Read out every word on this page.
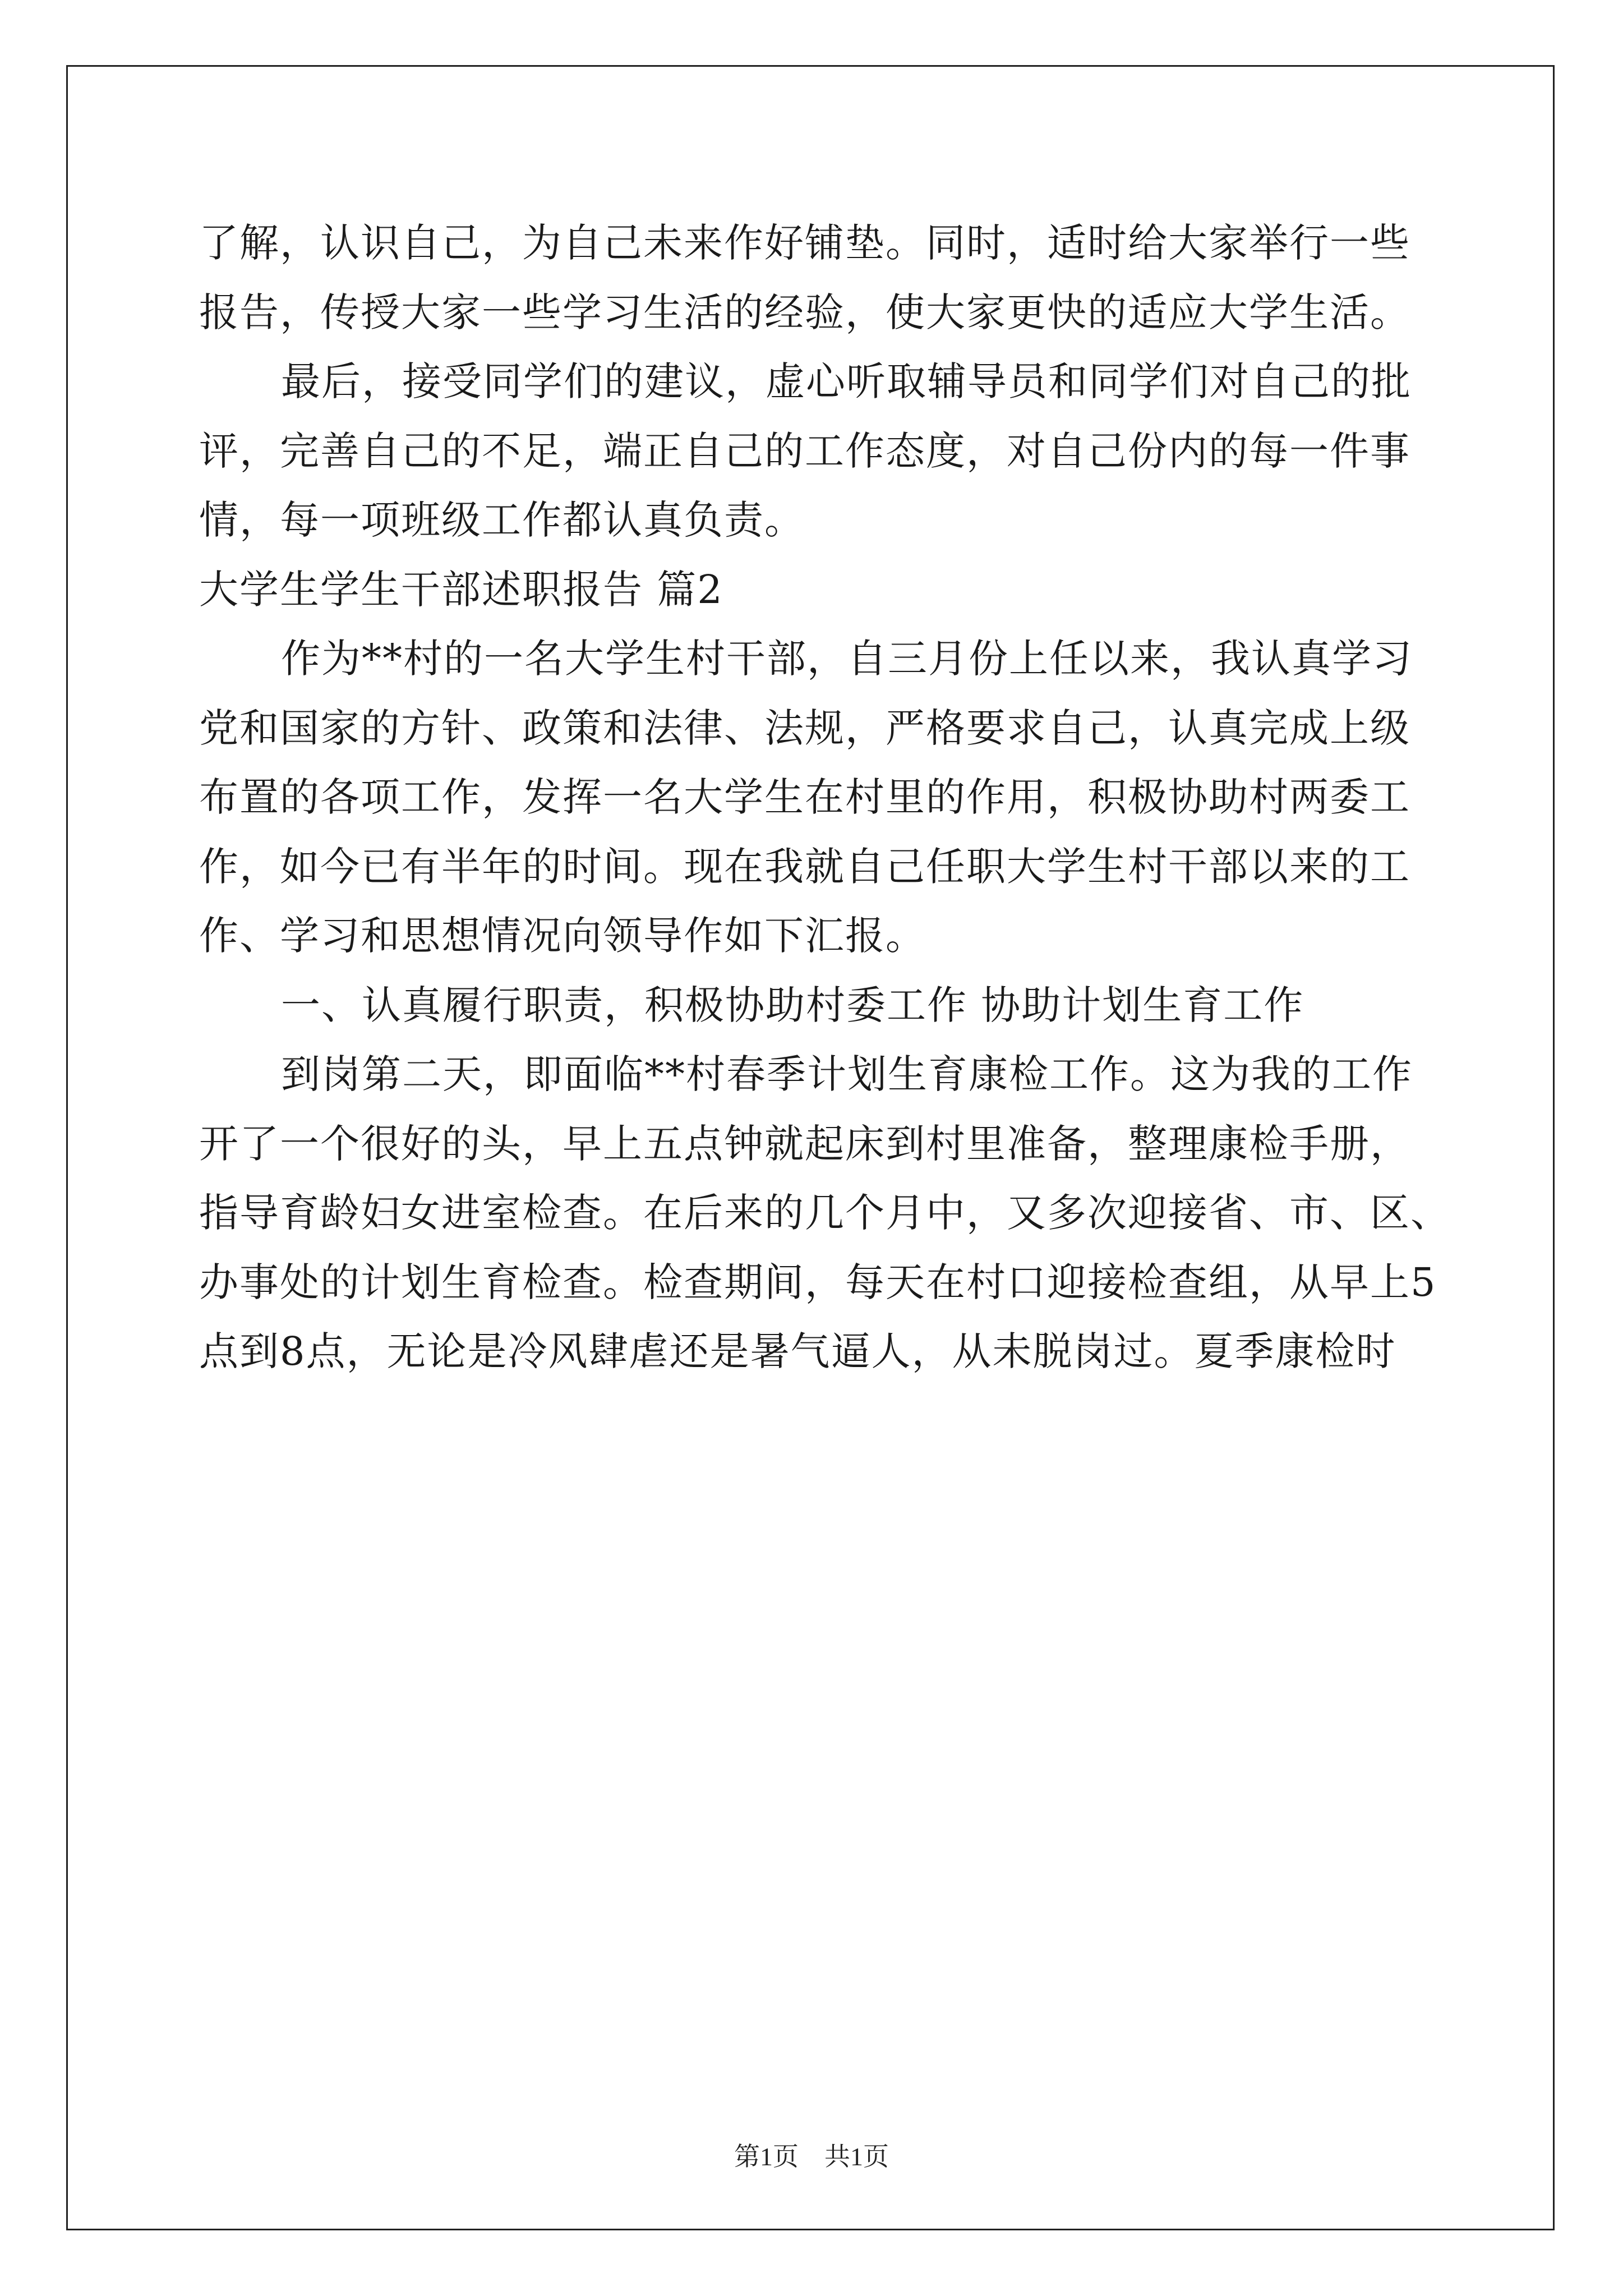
了解，认识自己，为自己未来作好铺垫。同时，适时给大家举行一些
报告，传授大家一些学习生活的经验，使大家更快的适应大学生活。
最后，接受同学们的建议，虚心听取辅导员和同学们对自己的批
评，完善自己的不足，端正自己的工作态度，对自己份内的每一件事
情，每一项班级工作都认真负责。
大学生学生干部述职报告 篇2
作为**村的一名大学生村干部，自三月份上任以来，我认真学习
党和国家的方针、政策和法律、法规，严格要求自己，认真完成上级
布置的各项工作，发挥一名大学生在村里的作用，积极协助村两委工
作，如今已有半年的时间。现在我就自己任职大学生村干部以来的工
作、学习和思想情况向领导作如下汇报。
一、认真履行职责，积极协助村委工作 协助计划生育工作
到岗第二天，即面临**村春季计划生育康检工作。这为我的工作
开了一个很好的头，早上五点钟就起床到村里准备，整理康检手册，
指导育龄妇女进室检查。在后来的几个月中，又多次迎接省、市、区、
办事处的计划生育检查。检查期间，每天在村口迎接检查组，从早上5
点到8点，无论是冷风肆虐还是暑气逼人，从未脱岗过。夏季康检时
第1页 共1页
